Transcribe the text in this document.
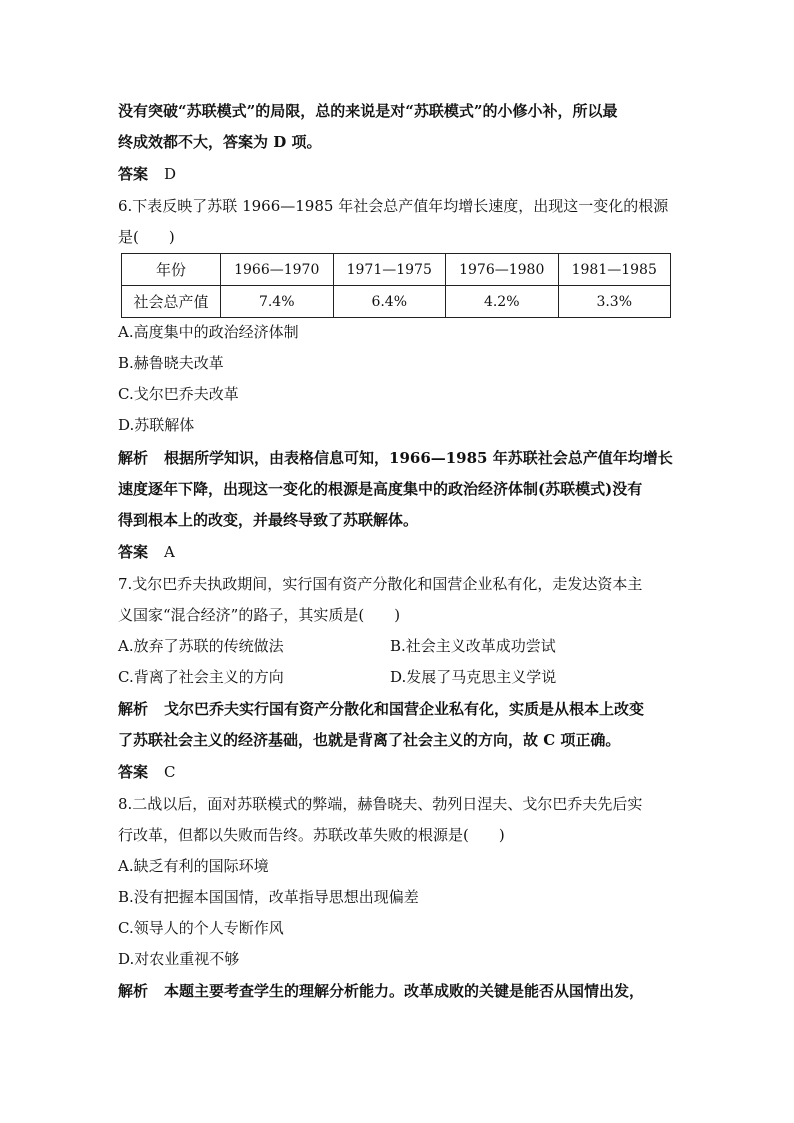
没有突破“苏联模式”的局限，总的来说是对“苏联模式”的小修小补，所以最
终成效都不大，答案为 D 项。
答案 D
6.下表反映了苏联 1966—1985 年社会总产值年均增长速度，出现这一变化的根源
是(　　)
年份	1966—1970	1971—1975	1976—1980	1981—1985
社会总产值	7.4%	6.4%	4.2%	3.3%
A.高度集中的政治经济体制
B.赫鲁晓夫改革
C.戈尔巴乔夫改革
D.苏联解体
解析 根据所学知识，由表格信息可知，1966—1985 年苏联社会总产值年均增长
速度逐年下降，出现这一变化的根源是高度集中的政治经济体制(苏联模式)没有
得到根本上的改变，并最终导致了苏联解体。
答案 A
7.戈尔巴乔夫执政期间，实行国有资产分散化和国营企业私有化，走发达资本主
义国家“混合经济”的路子，其实质是(　　)
A.放弃了苏联的传统做法	B.社会主义改革成功尝试
C.背离了社会主义的方向	D.发展了马克思主义学说
解析 戈尔巴乔夫实行国有资产分散化和国营企业私有化，实质是从根本上改变
了苏联社会主义的经济基础，也就是背离了社会主义的方向，故 C 项正确。
答案 C
8.二战以后，面对苏联模式的弊端，赫鲁晓夫、勃列日涅夫、戈尔巴乔夫先后实
行改革，但都以失败而告终。苏联改革失败的根源是(　　)
A.缺乏有利的国际环境
B.没有把握本国国情，改革指导思想出现偏差
C.领导人的个人专断作风
D.对农业重视不够
解析 本题主要考查学生的理解分析能力。改革成败的关键是能否从国情出发，
